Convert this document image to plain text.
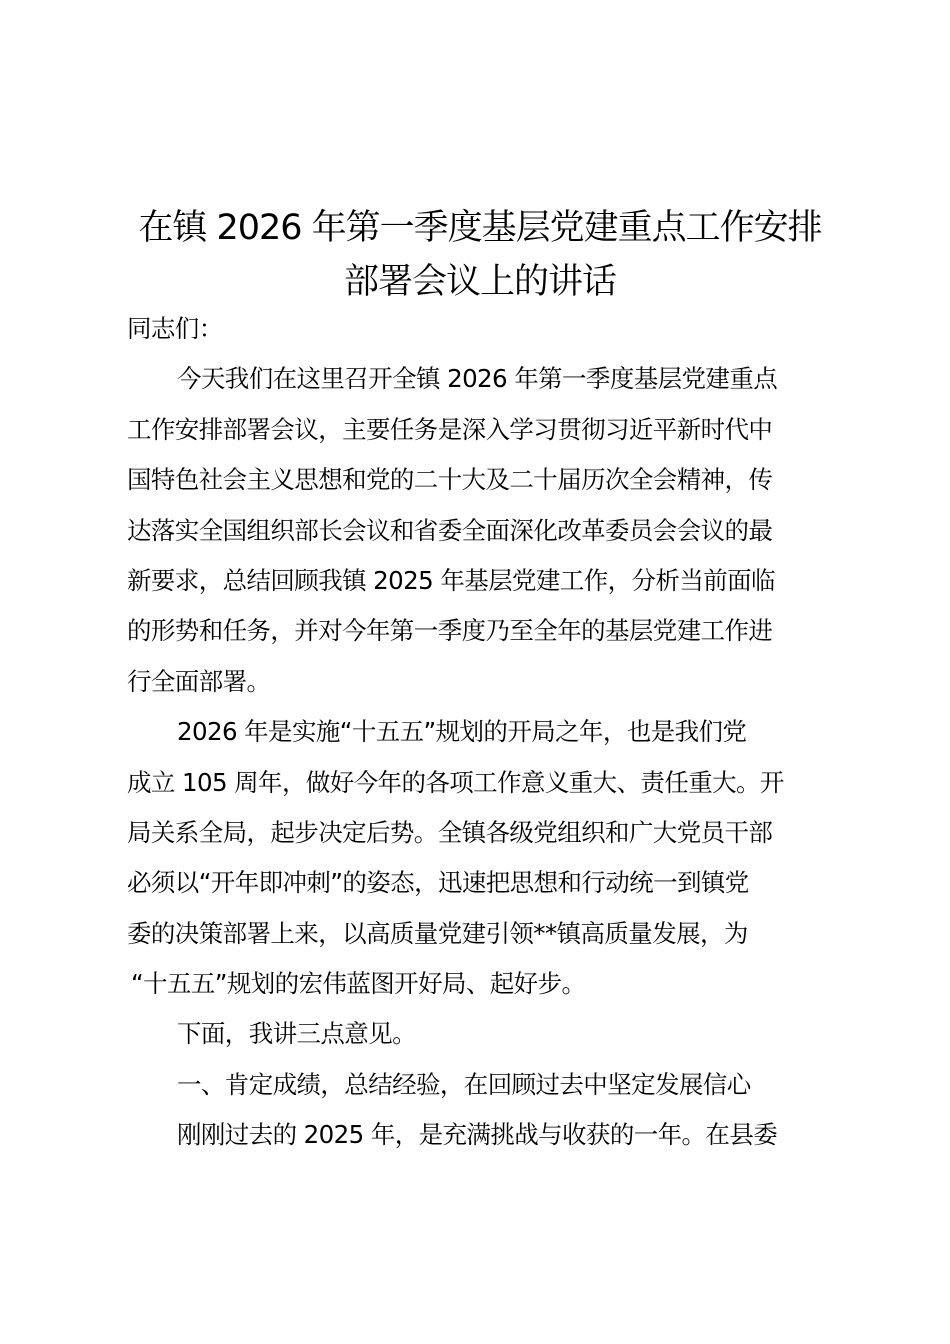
在镇 2026 年第一季度基层党建重点工作安排
部署会议上的讲话
同志们：
今天我们在这里召开全镇 2026 年第一季度基层党建重点
工作安排部署会议，主要任务是深入学习贯彻习近平新时代中
国特色社会主义思想和党的二十大及二十届历次全会精神，传
达落实全国组织部长会议和省委全面深化改革委员会会议的最
新要求，总结回顾我镇 2025 年基层党建工作，分析当前面临
的形势和任务，并对今年第一季度乃至全年的基层党建工作进
行全面部署。
2026 年是实施“十五五”规划的开局之年，也是我们党
成立 105 周年，做好今年的各项工作意义重大、责任重大。开
局关系全局，起步决定后势。全镇各级党组织和广大党员干部
必须以“开年即冲刺”的姿态，迅速把思想和行动统一到镇党
委的决策部署上来，以高质量党建引领**镇高质量发展，为
“十五五”规划的宏伟蓝图开好局、起好步。
下面，我讲三点意见。
一、肯定成绩，总结经验，在回顾过去中坚定发展信心
刚刚过去的 2025 年，是充满挑战与收获的一年。在县委
